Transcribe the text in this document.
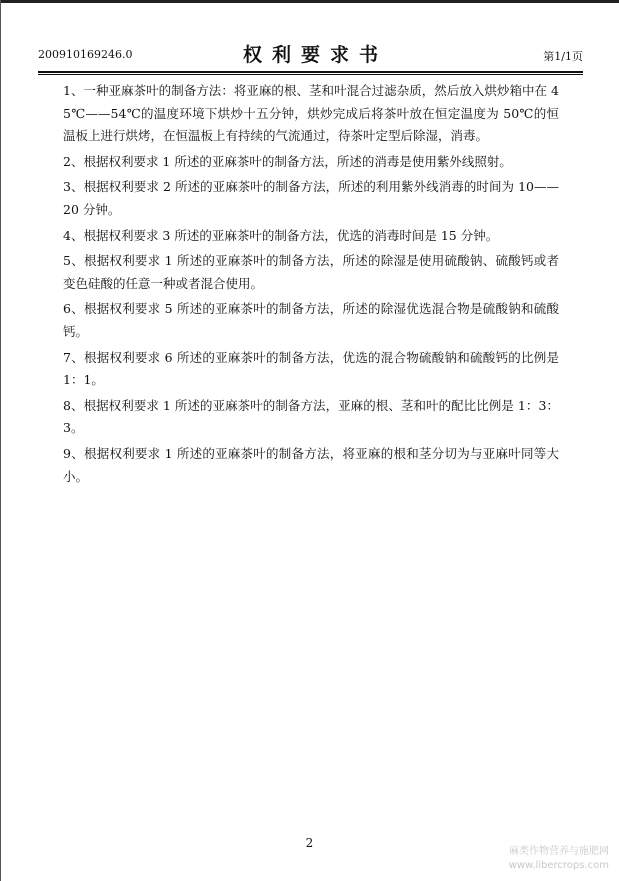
200910169246.0	权利要求书	第1/1页

1、一种亚麻茶叶的制备方法：将亚麻的根、茎和叶混合过滤杂质，然后放入烘炒箱中在 45℃——54℃的温度环境下烘炒十五分钟，烘炒完成后将茶叶放在恒定温度为 50℃的恒温板上进行烘烤，在恒温板上有持续的气流通过，待茶叶定型后除湿，消毒。

2、根据权利要求 1 所述的亚麻茶叶的制备方法，所述的消毒是使用紫外线照射。

3、根据权利要求 2 所述的亚麻茶叶的制备方法，所述的利用紫外线消毒的时间为 10——20 分钟。

4、根据权利要求 3 所述的亚麻茶叶的制备方法，优选的消毒时间是 15 分钟。

5、根据权利要求 1 所述的亚麻茶叶的制备方法，所述的除湿是使用硫酸钠、硫酸钙或者变色硅酸的任意一种或者混合使用。

6、根据权利要求 5 所述的亚麻茶叶的制备方法，所述的除湿优选混合物是硫酸钠和硫酸钙。

7、根据权利要求 6 所述的亚麻茶叶的制备方法，优选的混合物硫酸钠和硫酸钙的比例是 1：1。

8、根据权利要求 1 所述的亚麻茶叶的制备方法，亚麻的根、茎和叶的配比比例是 1：3：3。

9、根据权利要求 1 所述的亚麻茶叶的制备方法，将亚麻的根和茎分切为与亚麻叶同等大小。

2
麻类作物营养与施肥网
www.libercrops.com
